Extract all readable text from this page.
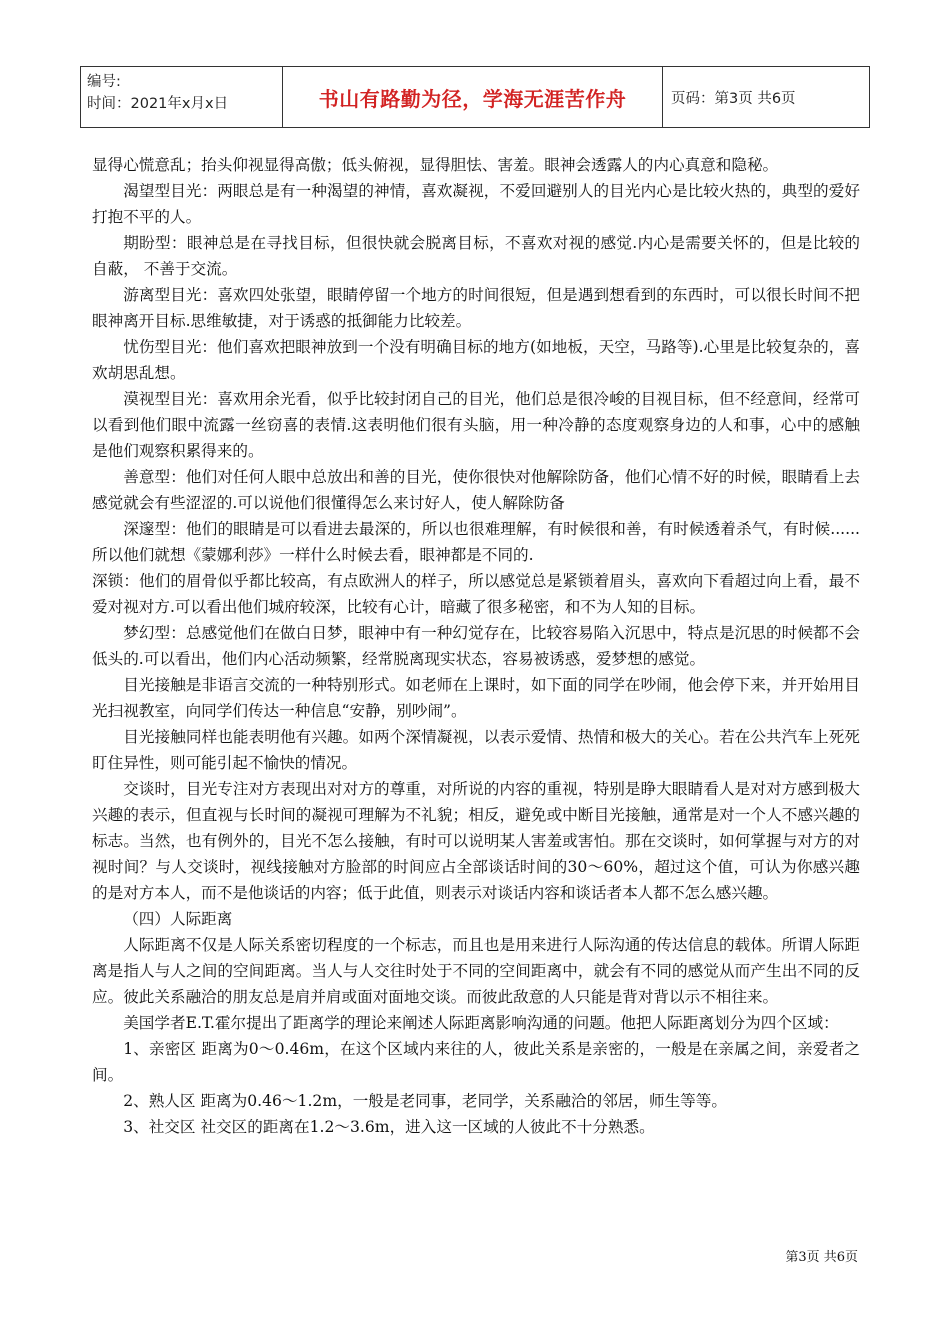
编号:
时间：2021年x月x日	书山有路勤为径，学海无涯苦作舟	页码：第3页 共6页

显得心慌意乱；抬头仰视显得高傲；低头俯视，显得胆怯、害羞。眼神会透露人的内心真意和隐秘。

渴望型目光：两眼总是有一种渴望的神情，喜欢凝视，不爱回避别人的目光内心是比较火热的，典型的爱好打抱不平的人。

期盼型：眼神总是在寻找目标，但很快就会脱离目标，不喜欢对视的感觉.内心是需要关怀的，但是比较的自蔽， 不善于交流。

游离型目光：喜欢四处张望，眼睛停留一个地方的时间很短，但是遇到想看到的东西时，可以很长时间不把眼神离开目标.思维敏捷，对于诱惑的抵御能力比较差。

忧伤型目光：他们喜欢把眼神放到一个没有明确目标的地方(如地板，天空，马路等).心里是比较复杂的，喜欢胡思乱想。

漠视型目光：喜欢用余光看，似乎比较封闭自己的目光，他们总是很冷峻的目视目标，但不经意间，经常可以看到他们眼中流露一丝窃喜的表情.这表明他们很有头脑，用一种冷静的态度观察身边的人和事，心中的感触是他们观察积累得来的。

善意型：他们对任何人眼中总放出和善的目光，使你很快对他解除防备，他们心情不好的时候，眼睛看上去感觉就会有些涩涩的.可以说他们很懂得怎么来讨好人，使人解除防备

深邃型：他们的眼睛是可以看进去最深的，所以也很难理解，有时候很和善，有时候透着杀气，有时候......所以他们就想《蒙娜利莎》一样什么时候去看，眼神都是不同的.

深锁：他们的眉骨似乎都比较高，有点欧洲人的样子，所以感觉总是紧锁着眉头，喜欢向下看超过向上看，最不爱对视对方.可以看出他们城府较深，比较有心计，暗藏了很多秘密，和不为人知的目标。

梦幻型：总感觉他们在做白日梦，眼神中有一种幻觉存在，比较容易陷入沉思中，特点是沉思的时候都不会低头的.可以看出，他们内心活动频繁，经常脱离现实状态，容易被诱惑，爱梦想的感觉。

目光接触是非语言交流的一种特别形式。如老师在上课时，如下面的同学在吵闹，他会停下来，并开始用目光扫视教室，向同学们传达一种信息“安静，别吵闹”。

目光接触同样也能表明他有兴趣。如两个深情凝视，以表示爱情、热情和极大的关心。若在公共汽车上死死盯住异性，则可能引起不愉快的情况。

交谈时，目光专注对方表现出对对方的尊重，对所说的内容的重视，特别是睁大眼睛看人是对对方感到极大兴趣的表示，但直视与长时间的凝视可理解为不礼貌；相反，避免或中断目光接触，通常是对一个人不感兴趣的标志。当然，也有例外的，目光不怎么接触，有时可以说明某人害羞或害怕。那在交谈时，如何掌握与对方的对视时间？与人交谈时，视线接触对方脸部的时间应占全部谈话时间的30～60%，超过这个值，可认为你感兴趣的是对方本人，而不是他谈话的内容；低于此值，则表示对谈话内容和谈话者本人都不怎么感兴趣。

（四）人际距离

人际距离不仅是人际关系密切程度的一个标志，而且也是用来进行人际沟通的传达信息的载体。所谓人际距离是指人与人之间的空间距离。当人与人交往时处于不同的空间距离中，就会有不同的感觉从而产生出不同的反应。彼此关系融洽的朋友总是肩并肩或面对面地交谈。而彼此敌意的人只能是背对背以示不相往来。

美国学者E.T.霍尔提出了距离学的理论来阐述人际距离影响沟通的问题。他把人际距离划分为四个区域：

1、亲密区 距离为0～0.46m，在这个区域内来往的人，彼此关系是亲密的，一般是在亲属之间，亲爱者之间。

2、熟人区 距离为0.46～1.2m，一般是老同事，老同学，关系融洽的邻居，师生等等。

3、社交区 社交区的距离在1.2～3.6m，进入这一区域的人彼此不十分熟悉。

第3页 共6页
